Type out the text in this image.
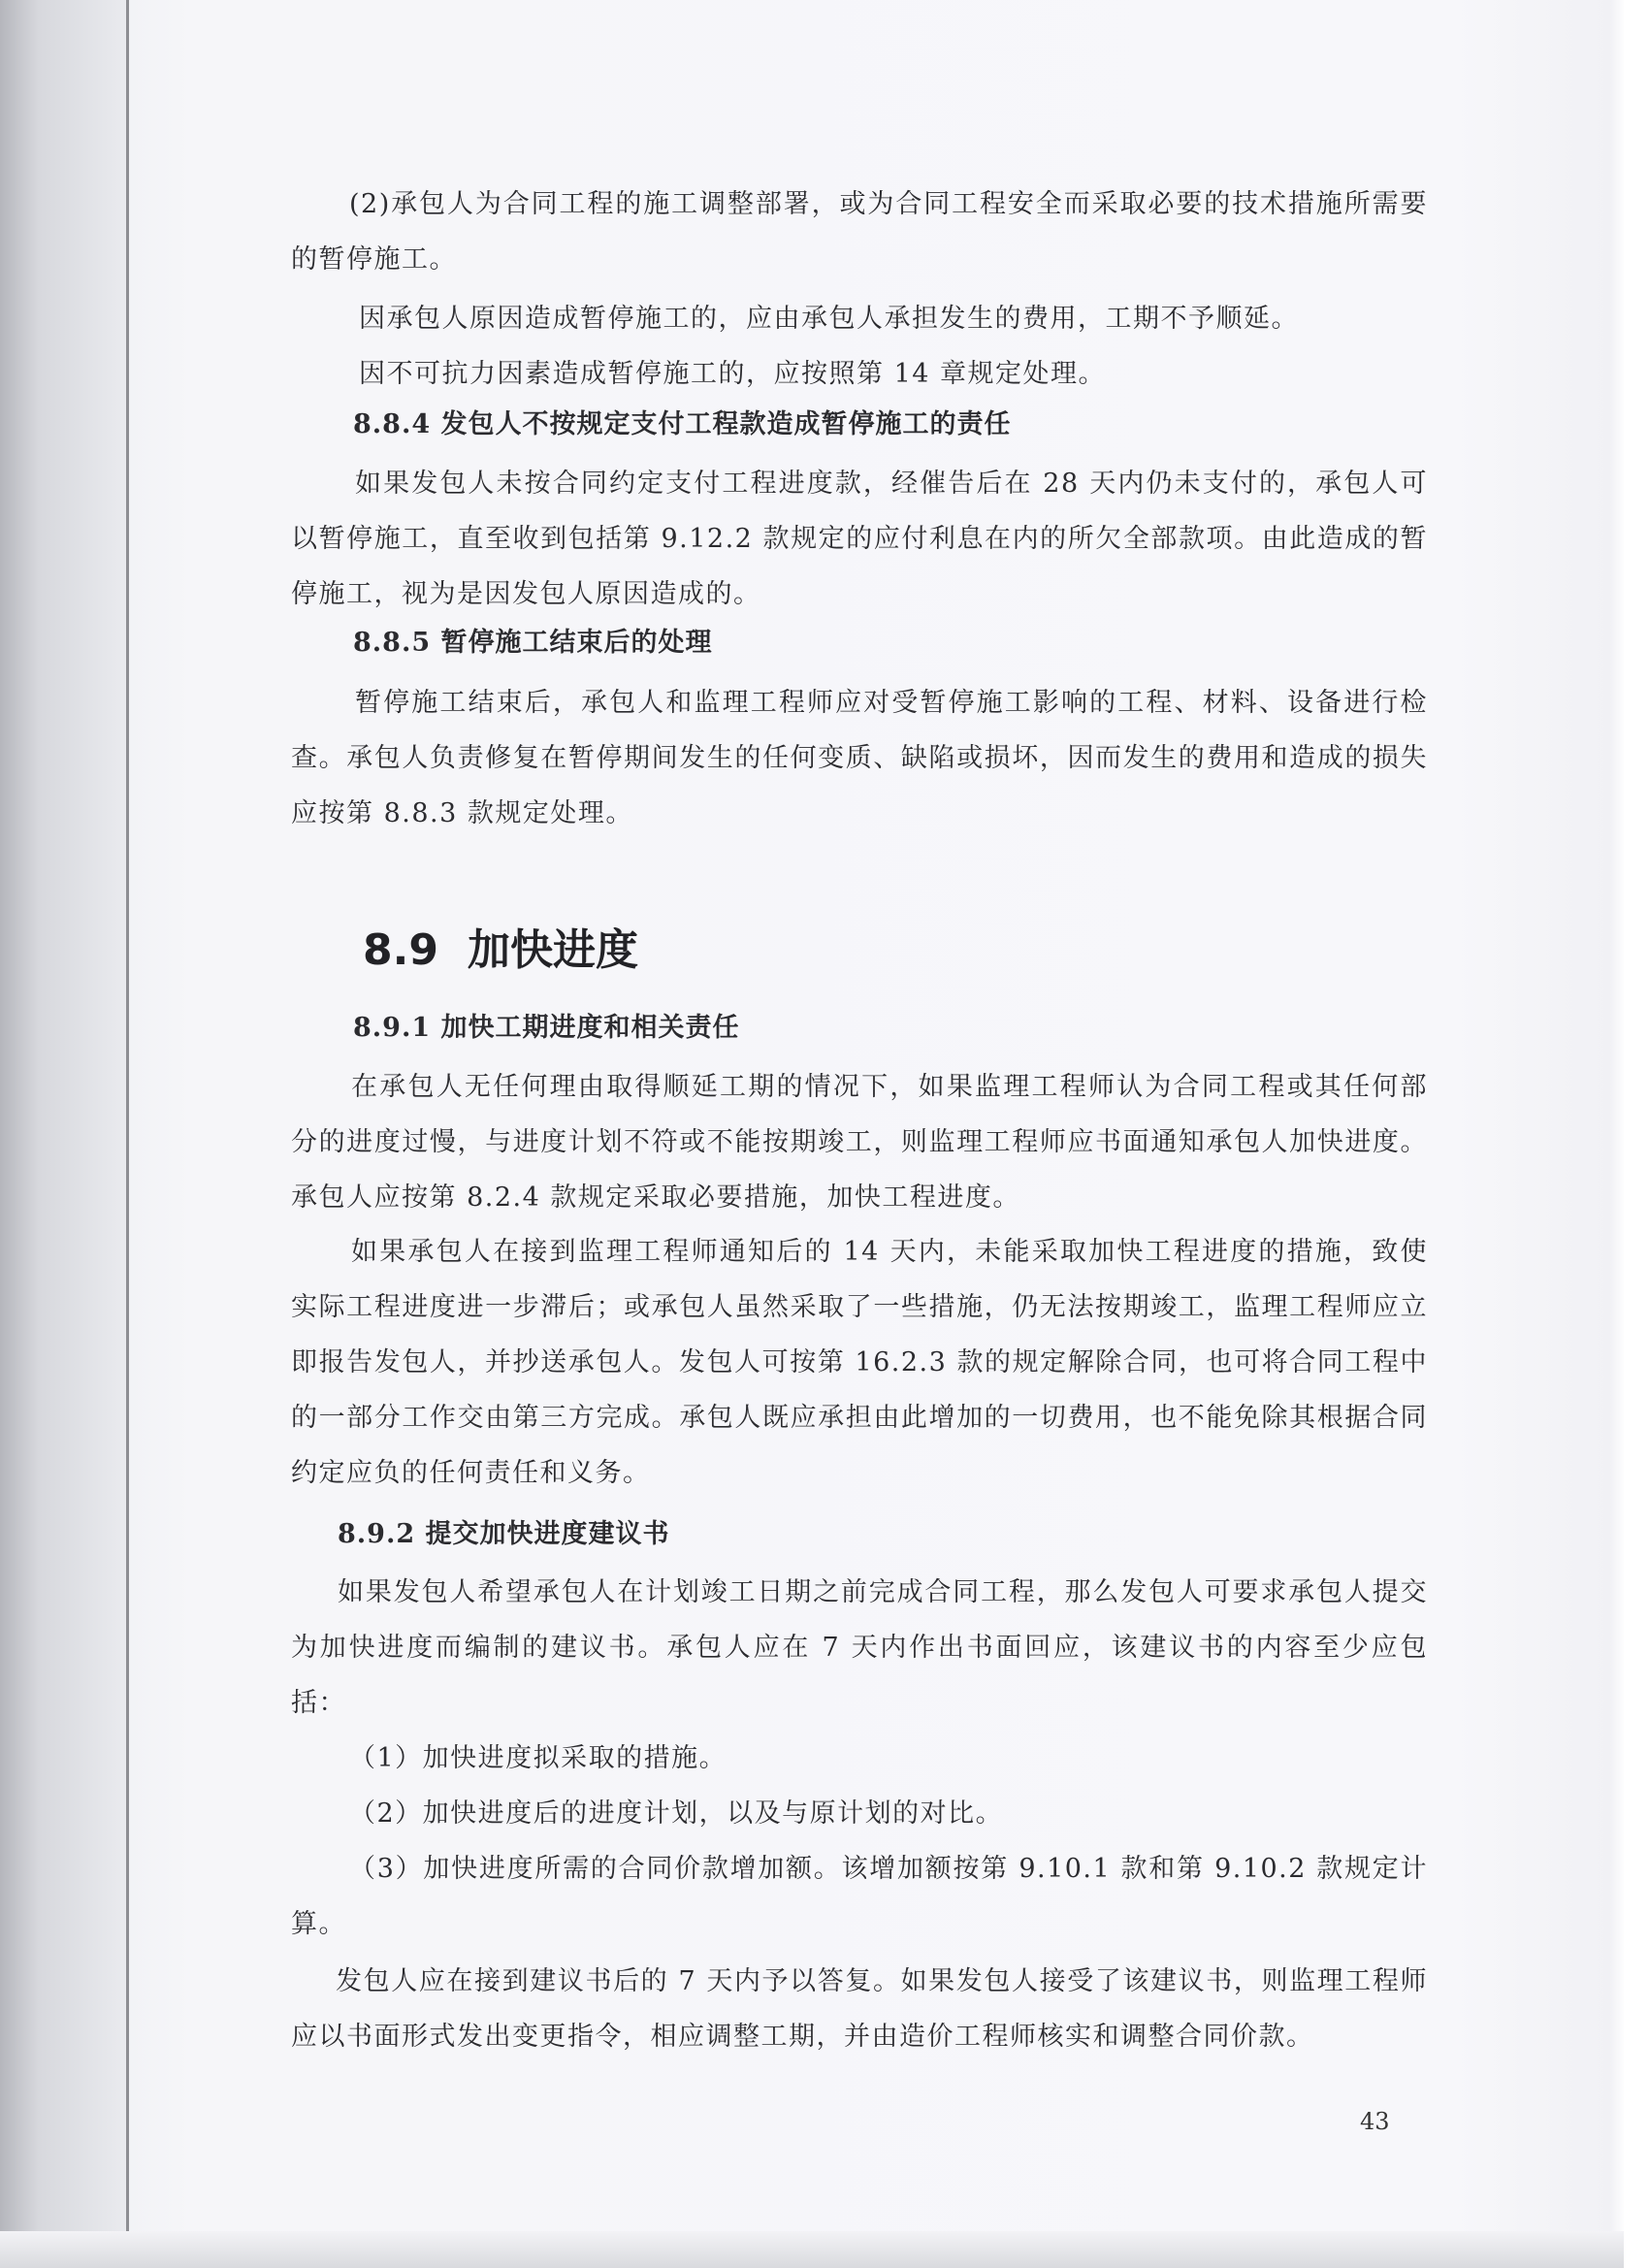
(2)承包人为合同工程的施工调整部署，或为合同工程安全而采取必要的技术措施所需要的暂停施工。

因承包人原因造成暂停施工的，应由承包人承担发生的费用，工期不予顺延。

因不可抗力因素造成暂停施工的，应按照第 14 章规定处理。

8.8.4 发包人不按规定支付工程款造成暂停施工的责任

如果发包人未按合同约定支付工程进度款，经催告后在 28 天内仍未支付的，承包人可以暂停施工，直至收到包括第 9.12.2 款规定的应付利息在内的所欠全部款项。由此造成的暂停施工，视为是因发包人原因造成的。

8.8.5 暂停施工结束后的处理

暂停施工结束后，承包人和监理工程师应对受暂停施工影响的工程、材料、设备进行检查。承包人负责修复在暂停期间发生的任何变质、缺陷或损坏，因而发生的费用和造成的损失应按第 8.8.3 款规定处理。

8.9 加快进度
8.9.1 加快工期进度和相关责任

在承包人无任何理由取得顺延工期的情况下，如果监理工程师认为合同工程或其任何部分的进度过慢，与进度计划不符或不能按期竣工，则监理工程师应书面通知承包人加快进度。承包人应按第 8.2.4 款规定采取必要措施，加快工程进度。

如果承包人在接到监理工程师通知后的 14 天内，未能采取加快工程进度的措施，致使实际工程进度进一步滞后；或承包人虽然采取了一些措施，仍无法按期竣工，监理工程师应立即报告发包人，并抄送承包人。发包人可按第 16.2.3 款的规定解除合同，也可将合同工程中的一部分工作交由第三方完成。承包人既应承担由此增加的一切费用，也不能免除其根据合同约定应负的任何责任和义务。

8.9.2 提交加快进度建议书

如果发包人希望承包人在计划竣工日期之前完成合同工程，那么发包人可要求承包人提交为加快进度而编制的建议书。承包人应在 7 天内作出书面回应，该建议书的内容至少应包括：

（1）加快进度拟采取的措施。

（2）加快进度后的进度计划，以及与原计划的对比。

（3）加快进度所需的合同价款增加额。该增加额按第 9.10.1 款和第 9.10.2 款规定计算。

发包人应在接到建议书后的 7 天内予以答复。如果发包人接受了该建议书，则监理工程师应以书面形式发出变更指令，相应调整工期，并由造价工程师核实和调整合同价款。

43
